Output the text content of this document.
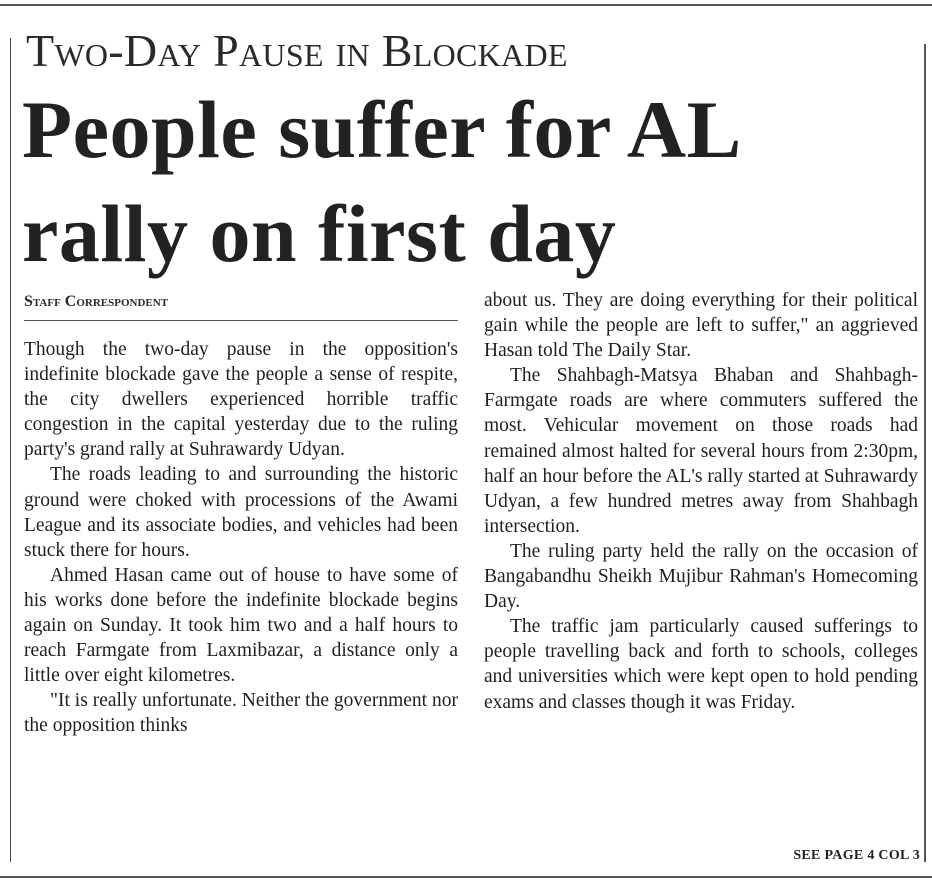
Two-Day Pause in Blockade
People suffer for AL rally on first day
Staff Correspondent

Though the two-day pause in the opposition's indefinite blockade gave the people a sense of respite, the city dwellers experienced horrible traffic congestion in the capital yesterday due to the ruling party's grand rally at Suhrawardy Udyan.

The roads leading to and surrounding the historic ground were choked with processions of the Awami League and its associate bodies, and vehicles had been stuck there for hours.

Ahmed Hasan came out of house to have some of his works done before the indefinite blockade begins again on Sunday. It took him two and a half hours to reach Farmgate from Laxmibazar, a distance only a little over eight kilometres.

"It is really unfortunate. Neither the government nor the opposition thinks

about us. They are doing everything for their political gain while the people are left to suffer," an aggrieved Hasan told The Daily Star.

The Shahbagh-Matsya Bhaban and Shahbagh-Farmgate roads are where commuters suffered the most. Vehicular movement on those roads had remained almost halted for several hours from 2:30pm, half an hour before the AL's rally started at Suhrawardy Udyan, a few hundred metres away from Shahbagh intersection.

The ruling party held the rally on the occasion of Bangabandhu Sheikh Mujibur Rahman's Homecoming Day.

The traffic jam particularly caused sufferings to people travelling back and forth to schools, colleges and universities which were kept open to hold pending exams and classes though it was Friday.

SEE PAGE 4 COL 3
